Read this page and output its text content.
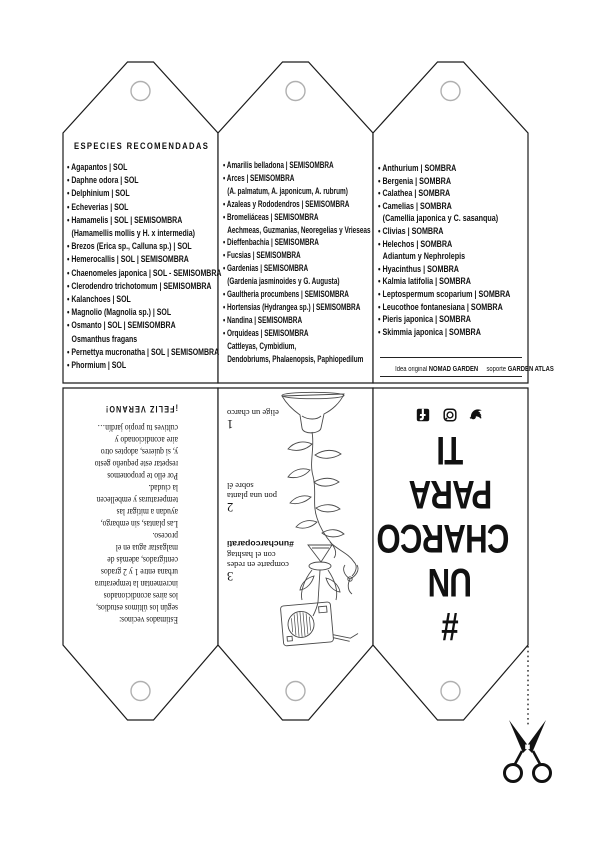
ESPECIES RECOMENDADAS
• Agapantos | SOL
• Daphne odora | SOL
• Delphinium | SOL
• Echeverias | SOL
• Hamamelis | SOL | SEMISOMBRA
(Hamamellis mollis y H. x intermedia)
• Brezos (Erica sp., Calluna sp.) | SOL
• Hemerocallis | SOL | SEMISOMBRA
• Chaenomeles japonica | SOL - SEMISOMBRA
• Clerodendro trichotomum | SEMISOMBRA
• Kalanchoes | SOL
• Magnolio (Magnolia sp.) | SOL
• Osmanto | SOL | SEMISOMBRA
Osmanthus fragans
• Pernettya mucronatha | SOL | SEMISOMBRA
• Phormium | SOL
• Amarilis belladona | SEMISOMBRA
• Arces | SEMISOMBRA
(A. palmatum, A. japonicum, A. rubrum)
• Azaleas y Rododendros | SEMISOMBRA
• Bromeliáceas | SEMISOMBRA
Aechmeas, Guzmanias, Neoregelias y Vrieseas
• Dieffenbachia | SEMISOMBRA
• Fucsias | SEMISOMBRA
• Gardenias | SEMISOMBRA
(Gardenia jasminoides y G. Augusta)
• Gaultheria procumbens | SEMISOMBRA
• Hortensias (Hydrangea sp.) | SEMISOMBRA
• Nandina | SEMISOMBRA
• Orquideas | SEMISOMBRA
Cattleyas, Cymbidium,
Dendobriums, Phalaenopsis, Paphiopedilum
• Anthurium | SOMBRA
• Bergenia | SOMBRA
• Calathea | SOMBRA
• Camelias | SOMBRA
(Camellia japonica y C. sasanqua)
• Clivias | SOMBRA
• Helechos | SOMBRA
Adiantum y Nephrolepis
• Hyacinthus | SOMBRA
• Kalmia latifolia | SOMBRA
• Leptospermum scoparium | SOMBRA
• Leucothoe fontanesiana | SOMBRA
• Pieris japonica | SOMBRA
• Skimmia japonica | SOMBRA
Idea original NOMAD GARDEN soporte GARDEN ATLAS
Estimados vecinos:
según los últimos estudios,
los aires acondicionados
incrementan la temperatura
urbana entre 1 y 2 grados
centígrados, además de
malgastar agua en el
proceso.
Las plantas, sin embargo,
ayudan a mitigar las
temperaturas y embellecen
la ciudad.
Por ello te proponemos
respetar este pequeño gesto
y, si quieres, adoptes otro
aire acondicionado y
cultives tu propio jardín…
¡FELIZ VERANO!
3
comparte en redes
con el hashtag
#uncharcoparati
2
pon una planta
sobre él
1
elige un charco
#
UN
CHARCO
PARA
TI
